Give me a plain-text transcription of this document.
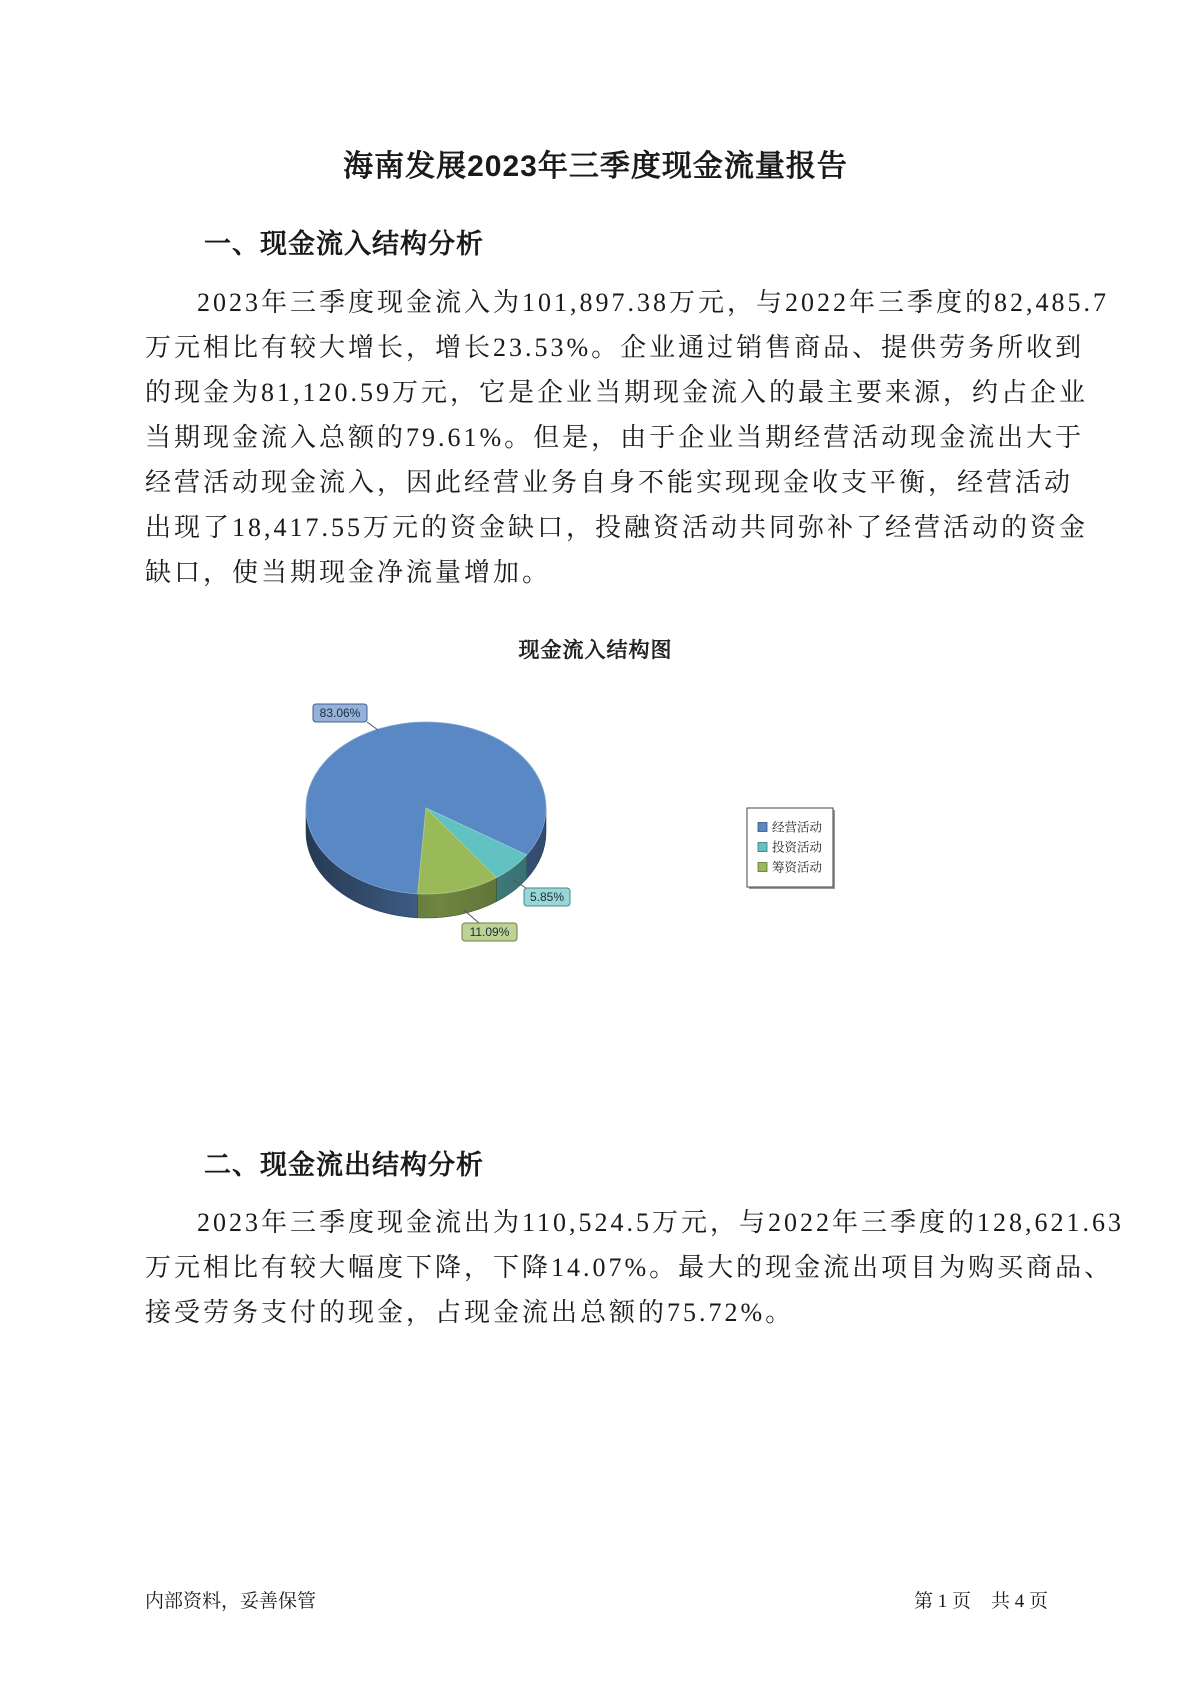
海南发展2023年三季度现金流量报告
一、现金流入结构分析
2023年三季度现金流入为101,897.38万元，与2022年三季度的82,485.7
万元相比有较大增长，增长23.53%。企业通过销售商品、提供劳务所收到
的现金为81,120.59万元，它是企业当期现金流入的最主要来源，约占企业
当期现金流入总额的79.61%。但是，由于企业当期经营活动现金流出大于
经营活动现金流入，因此经营业务自身不能实现现金收支平衡，经营活动
出现了18,417.55万元的资金缺口，投融资活动共同弥补了经营活动的资金
缺口，使当期现金净流量增加。
现金流入结构图
83.06%
5.85%
11.09%
经营活动
投资活动
筹资活动
二、现金流出结构分析
2023年三季度现金流出为110,524.5万元，与2022年三季度的128,621.63
万元相比有较大幅度下降，下降14.07%。最大的现金流出项目为购买商品、
接受劳务支付的现金，占现金流出总额的75.72%。
内部资料，妥善保管	第 1 页 共 4 页
